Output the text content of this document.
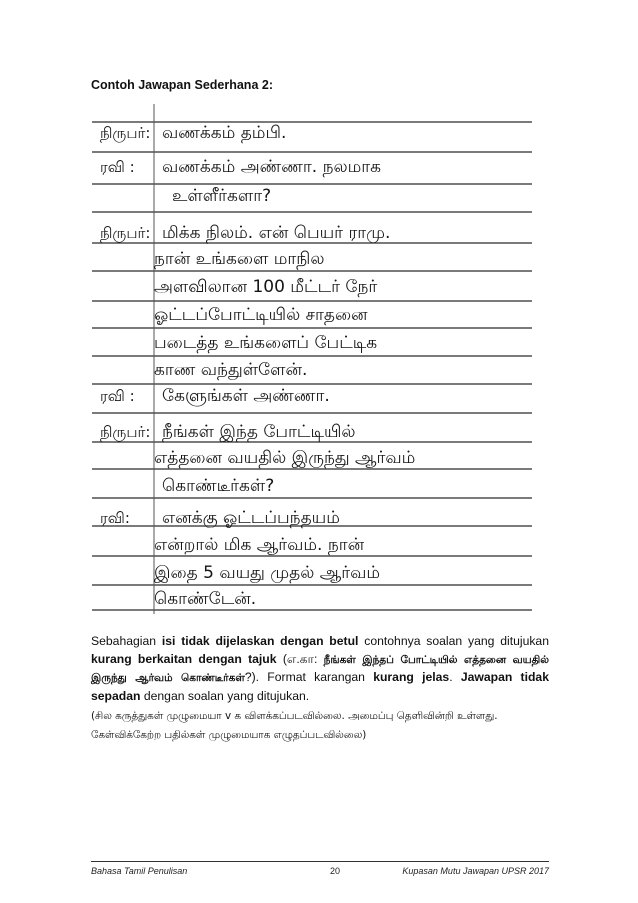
Contoh Jawapan Sederhana 2:
நிருபர்: வணக்கம் தம்பி.
ரவி : வணக்கம் அண்ணா. நலமாக
உள்ளீர்களா?
நிருபர்: மிக்க நிலம். என் பெயர் ராமு.
நான் உங்களை மாநில
அளவிலான 100 மீட்டர் நேர்
ஓட்டப்போட்டியில் சாதனை
படைத்த உங்களைப் பேட்டிக
காண வந்துள்ளேன்.
ரவி : கேளுங்கள் அண்ணா.
நிருபர்: நீங்கள் இந்த போட்டியில்
எத்தனை வயதில் இருந்து ஆர்வம்
கொண்டீர்கள்?
ரவி: எனக்கு ஓட்டப்பந்தயம்
என்றால் மிக ஆர்வம். நான்
இதை 5 வயது முதல் ஆர்வம்
கொண்டேன்.
Sebahagian isi tidak dijelaskan dengan betul contohnya soalan yang ditujukan kurang berkaitan dengan tajuk (எ.கா: நீங்கள் இந்தப் போட்டியில் எத்தனை வயதில் இருந்து ஆர்வம் கொண்டீர்கள்?). Format karangan kurang jelas. Jawapan tidak sepadan dengan soalan yang ditujukan.
(சில கருத்துகள் முழுமையா v க விளக்கப்படவில்லை. அமைப்பு தெளிவின்றி உள்ளது. கேள்விக்கேற்ற பதில்கள் முழுமையாக எழுதப்படவில்லை)
Bahasa Tamil Penulisan	20	Kupasan Mutu Jawapan UPSR 2017
